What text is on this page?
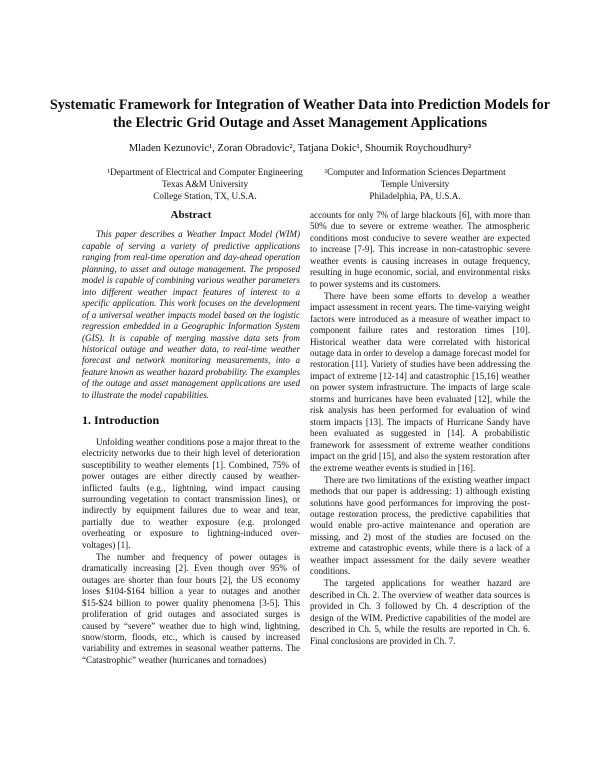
Systematic Framework for Integration of Weather Data into Prediction Models for the Electric Grid Outage and Asset Management Applications
Mladen Kezunovic¹, Zoran Obradovic², Tatjana Dokic¹, Shoumik Roychoudhury²
¹Department of Electrical and Computer Engineering
Texas A&M University
College Station, TX, U.S.A.
²Computer and Information Sciences Department
Temple University
Philadelphia, PA, U.S.A.
Abstract

This paper describes a Weather Impact Model (WIM) capable of serving a variety of predictive applications ranging from real-time operation and day-ahead operation planning, to asset and outage management. The proposed model is capable of combining various weather parameters into different weather impact features of interest to a specific application. This work focuses on the development of a universal weather impacts model based on the logistic regression embedded in a Geographic Information System (GIS). It is capable of merging massive data sets from historical outage and weather data, to real-time weather forecast and network monitoring measurements, into a feature known as weather hazard probability. The examples of the outage and asset management applications are used to illustrate the model capabilities.

1. Introduction

Unfolding weather conditions pose a major threat to the electricity networks due to their high level of deterioration susceptibility to weather elements [1]. Combined, 75% of power outages are either directly caused by weather-inflicted faults (e.g., lightning, wind impact causing surrounding vegetation to contact transmission lines), or indirectly by equipment failures due to wear and tear, partially due to weather exposure (e.g. prolonged overheating or exposure to lightning-induced over-voltages) [1].

The number and frequency of power outages is dramatically increasing [2]. Even though over 95% of outages are shorter than four hours [2], the US economy loses $104-$164 billion a year to outages and another $15-$24 billion to power quality phenomena [3-5]. This proliferation of grid outages and associated surges is caused by “severe” weather due to high wind, lightning, snow/storm, floods, etc., which is caused by increased variability and extremes in seasonal weather patterns. The “Catastrophic” weather (hurricanes and tornadoes)

accounts for only 7% of large blackouts [6], with more than 50% due to severe or extreme weather. The atmospheric conditions most conducive to severe weather are expected to increase [7-9]. This increase in non-catastrophic severe weather events is causing increases in outage frequency, resulting in huge economic, social, and environmental risks to power systems and its customers.

There have been some efforts to develop a weather impact assessment in recent years. The time-varying weight factors were introduced as a measure of weather impact to component failure rates and restoration times [10]. Historical weather data were correlated with historical outage data in order to develop a damage forecast model for restoration [11]. Variety of studies have been addressing the impact of extreme [12-14] and catastrophic [15,16] weather on power system infrastructure. The impacts of large scale storms and hurricanes have been evaluated [12], while the risk analysis has been performed for evaluation of wind storm impacts [13]. The impacts of Hurricane Sandy have been evaluated as suggested in [14]. A probabilistic framework for assessment of extreme weather conditions impact on the grid [15], and also the system restoration after the extreme weather events is studied in [16].

There are two limitations of the existing weather impact methods that our paper is addressing: 1) although existing solutions have good performances for improving the post-outage restoration process, the predictive capabilities that would enable pro-active maintenance and operation are missing, and 2) most of the studies are focused on the extreme and catastrophic events, while there is a lack of a weather impact assessment for the daily severe weather conditions.

The targeted applications for weather hazard are described in Ch. 2. The overview of weather data sources is provided in Ch. 3 followed by Ch. 4 description of the design of the WIM. Predictive capabilities of the model are described in Ch. 5, while the results are reported in Ch. 6. Final conclusions are provided in Ch. 7.
